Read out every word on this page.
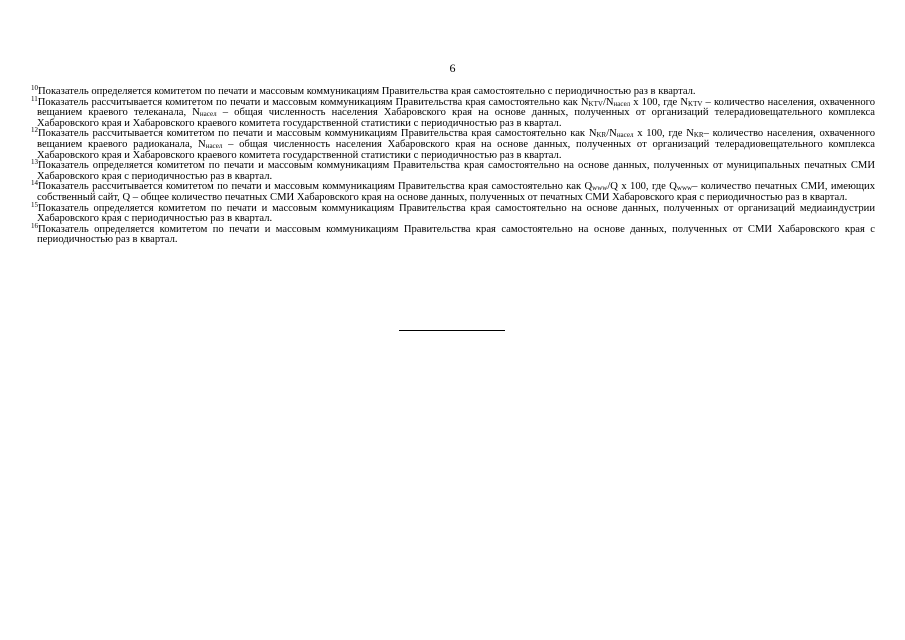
6

$^{10}$Показатель определяется комитетом по печати и массовым коммуникациям Правительства края самостоятельно с периодичностью раз в квартал.

$^{11}$Показатель рассчитывается комитетом по печати и массовым коммуникациям Правительства края самостоятельно как $N_{KTV}/N_{насел}$ х 100, где $N_{KTV}$ – количество населения, охваченного вещанием краевого телеканала, $N_{насел}$ – общая численность населения Хабаровского края на основе данных, полученных от организаций телерадиовещательного комплекса Хабаровского края и Хабаровского краевого комитета государственной статистики с периодичностью раз в квартал.

$^{12}$Показатель рассчитывается комитетом по печати и массовым коммуникациям Правительства края самостоятельно как $N_{KR}/N_{насел}$ х 100, где $N_{KR}-$ количество населения, охваченного вещанием краевого радиоканала, $N_{насел}$ – общая численность населения Хабаровского края на основе данных, полученных от организаций телерадиовещательного комплекса Хабаровского края и Хабаровского краевого комитета государственной статистики с периодичностью раз в квартал.

$^{13}$Показатель определяется комитетом по печати и массовым коммуникациям Правительства края самостоятельно на основе данных, полученных от муниципальных печатных СМИ Хабаровского края с периодичностью раз в квартал.

$^{14}$Показатель рассчитывается комитетом по печати и массовым коммуникациям Правительства края самостоятельно как $Q_{www}/Q$ х 100, где $Q_{www}-$ количество печатных СМИ, имеющих собственный сайт, Q – общее количество печатных СМИ Хабаровского края на основе данных, полученных от печатных СМИ Хабаровского края с периодичностью раз в квартал.

$^{15}$Показатель определяется комитетом по печати и массовым коммуникациям Правительства края самостоятельно на основе данных, полученных от организаций медиаиндустрии Хабаровского края с периодичностью раз в квартал.

$^{16}$Показатель определяется комитетом по печати и массовым коммуникациям Правительства края самостоятельно на основе данных, полученных от СМИ Хабаровского края с периодичностью раз в квартал.
